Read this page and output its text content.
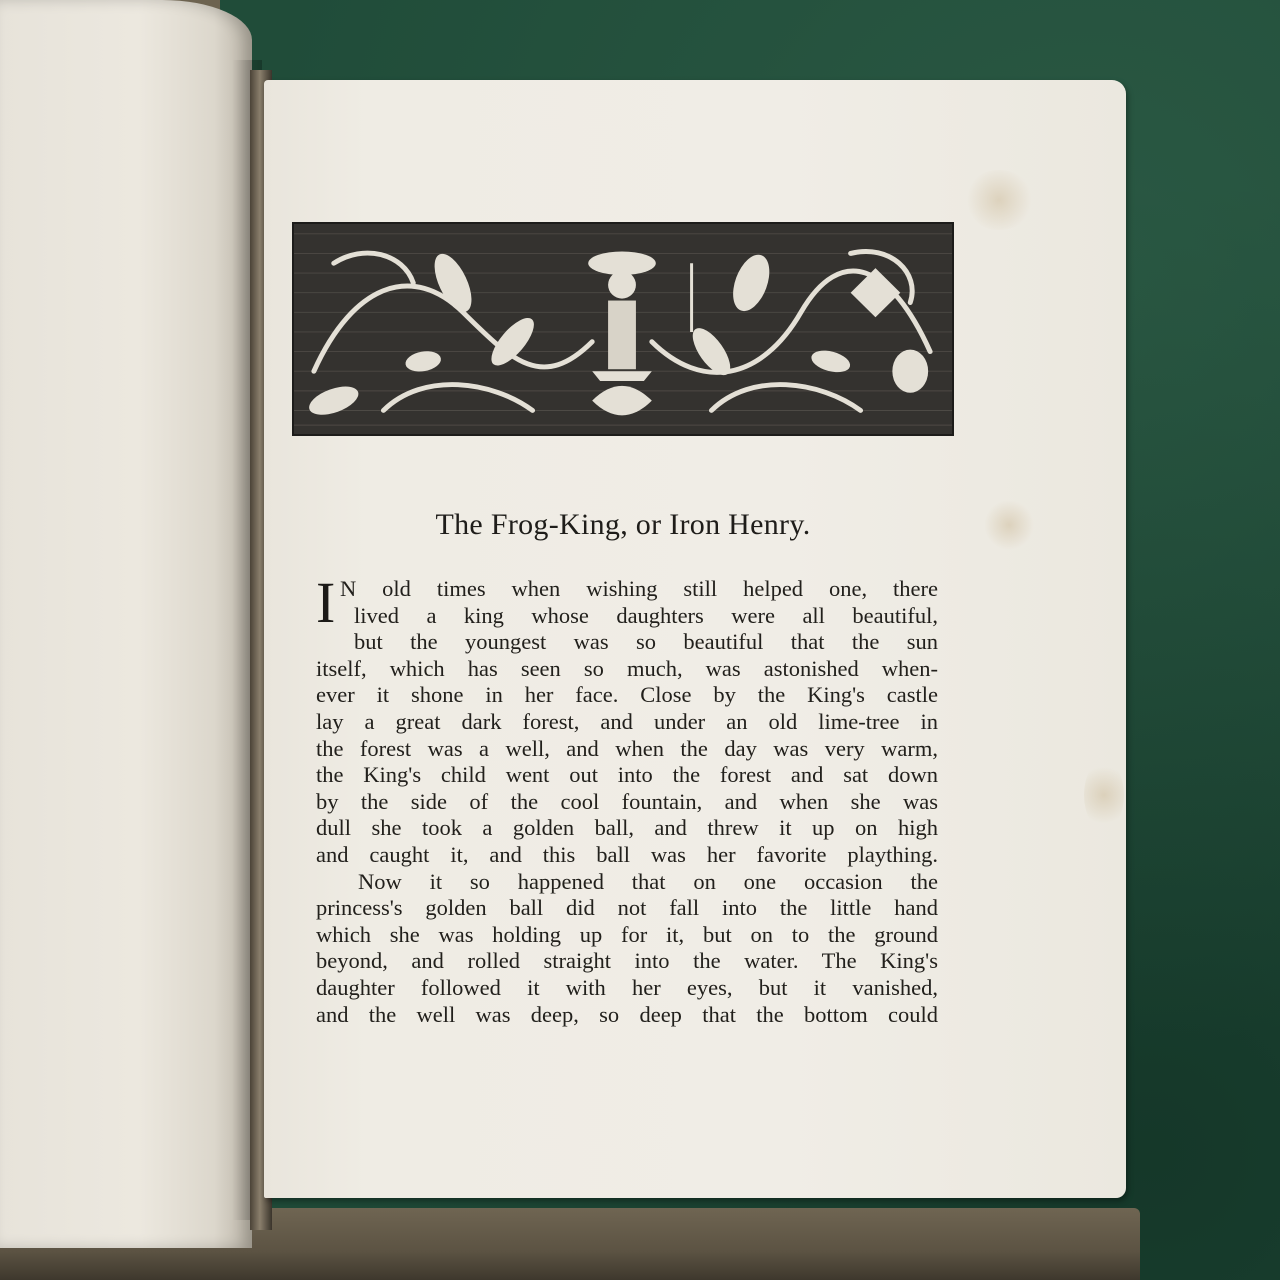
The Frog-King, or Iron Henry.
I N old times when wishing still helped one, there
lived a king whose daughters were all beautiful,
but the youngest was so beautiful that the sun
itself, which has seen so much, was astonished when-
ever it shone in her face. Close by the King's castle
lay a great dark forest, and under an old lime-tree in
the forest was a well, and when the day was very warm,
the King's child went out into the forest and sat down
by the side of the cool fountain, and when she was
dull she took a golden ball, and threw it up on high
and caught it, and this ball was her favorite plaything.
Now it so happened that on one occasion the
princess's golden ball did not fall into the little hand
which she was holding up for it, but on to the ground
beyond, and rolled straight into the water. The King's
daughter followed it with her eyes, but it vanished,
and the well was deep, so deep that the bottom could
